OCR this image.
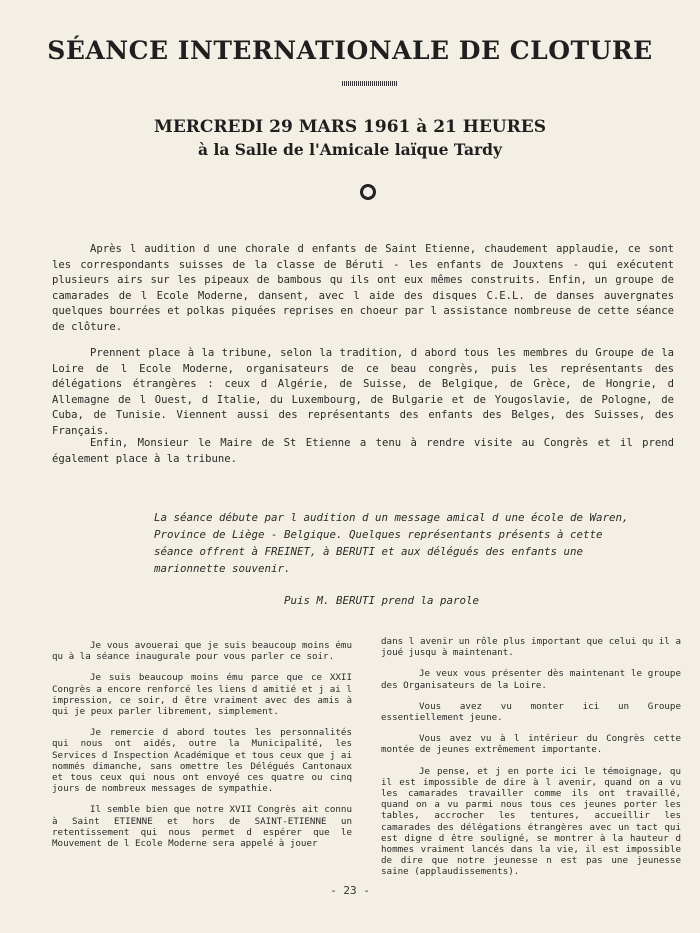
SÉANCE INTERNATIONALE DE CLOTURE
MERCREDI 29 MARS 1961 à 21 HEURES
à la Salle de l'Amicale laïque Tardy

Après l audition d une chorale d enfants de Saint Etienne, chaudement applaudie, ce sont les correspondants suisses de la classe de Béruti - les enfants de Jouxtens - qui exécutent plusieurs airs sur les pipeaux de bambous qu ils ont eux mêmes construits. Enfin, un groupe de camarades de l Ecole Moderne, dansent, avec l aide des disques C.E.L. de danses auvergnates quelques bourrées et polkas piquées reprises en choeur par l assistance nombreuse de cette séance de clôture.

Prennent place à la tribune, selon la tradition, d abord tous les membres du Groupe de la Loire de l Ecole Moderne, organisateurs de ce beau congrès, puis les représentants des délégations étrangères : ceux d Algérie, de Suisse, de Belgique, de Grèce, de Hongrie, d Allemagne de l Ouest, d Italie, du Luxembourg, de Bulgarie et de Yougoslavie, de Pologne, de Cuba, de Tunisie. Viennent aussi des représentants des enfants des Belges, des Suisses, des Français.

Enfin, Monsieur le Maire de St Etienne a tenu à rendre visite au Congrès et il prend également place à la tribune.

La séance débute par l audition d un message amical d une école de Waren, Province de Liège - Belgique. Quelques représentants présents à cette séance offrent à FREINET, à BERUTI et aux délégués des enfants une marionnette souvenir.

Puis M. BERUTI prend la parole

Je vous avouerai que je suis beaucoup moins ému qu à la séance inaugurale pour vous parler ce soir.

Je suis beaucoup moins ému parce que ce XXII Congrès a encore renforcé les liens d amitié et j ai l impression, ce soir, d être vraiment avec des amis à qui je peux parler librement, simplement.

Je remercie d abord toutes les personnalités qui nous ont aidés, outre la Municipalité, les Services d Inspection Académique et tous ceux que j ai nommés dimanche, sans omettre les Délégués Cantonaux et tous ceux qui nous ont envoyé ces quatre ou cinq jours de nombreux messages de sympathie.

Il semble bien que notre XVII Congrès ait connu à Saint ETIENNE et hors de SAINT-ETIENNE un retentissement qui nous permet d espérer que le Mouvement de l Ecole Moderne sera appelé à jouer

dans l avenir un rôle plus important que celui qu il a joué jusqu à maintenant.

Je veux vous présenter dès maintenant le groupe des Organisateurs de la Loire.

Vous avez vu monter ici un Groupe essentiellement jeune.

Vous avez vu à l intérieur du Congrès cette montée de jeunes extrêmement importante.

Je pense, et j en porte ici le témoignage, qu il est impossible de dire à l avenir, quand on a vu les camarades travailler comme ils ont travaillé, quand on a vu parmi nous tous ces jeunes porter les tables, accrocher les tentures, accueillir les camarades des délégations étrangères avec un tact qui est digne d être souligné, se montrer à la hauteur d hommes vraiment lancés dans la vie, il est impossible de dire que notre jeunesse n est pas une jeunesse saine (applaudissements).

- 23 -
